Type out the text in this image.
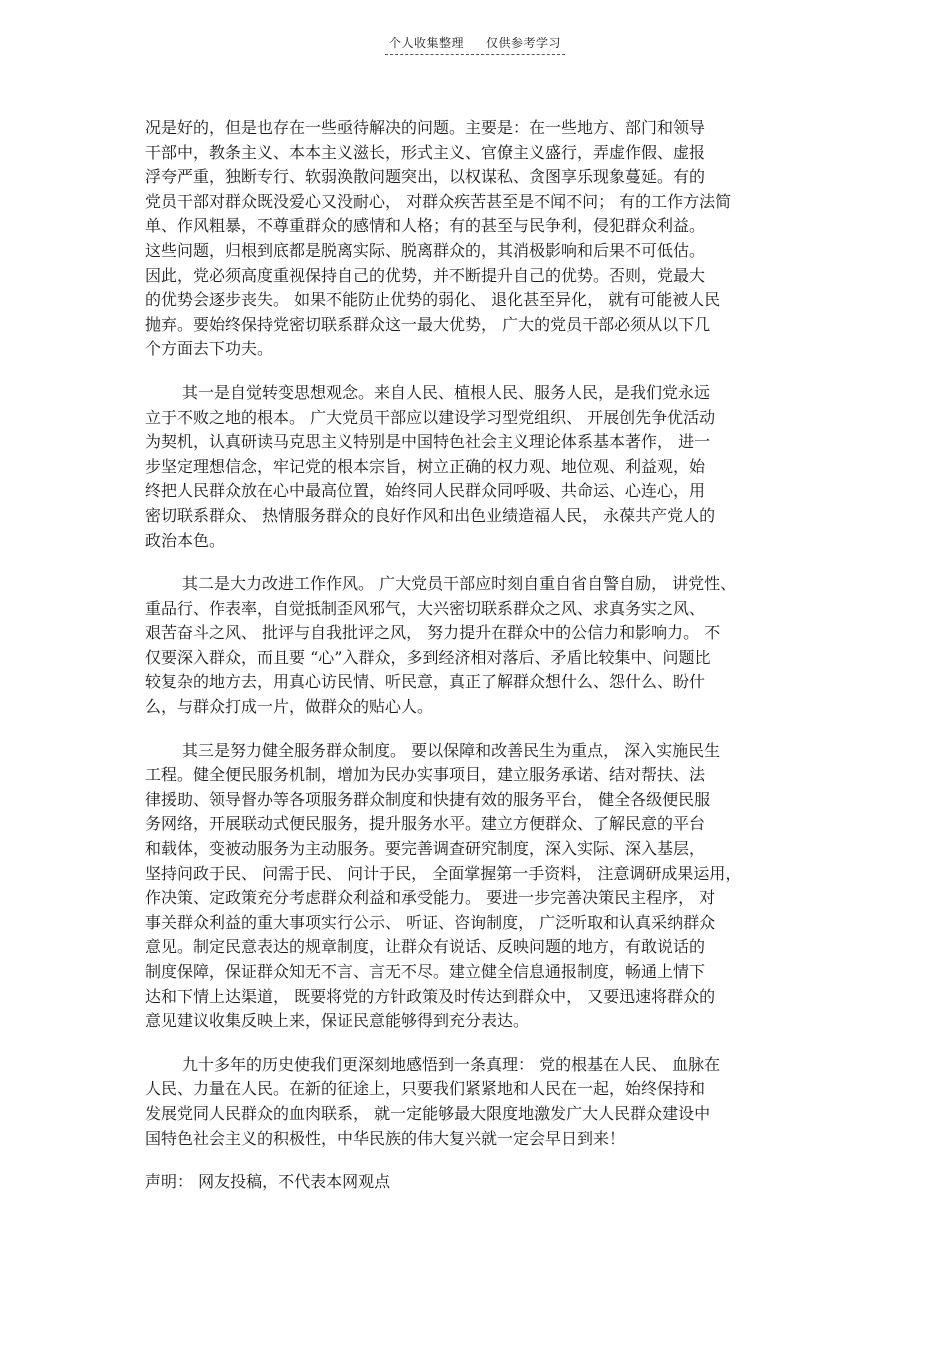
个人收集整理 仅供参考学习
况是好的，但是也存在一些亟待解决的问题。主要是：在一些地方、部门和领导
干部中，教条主义、本本主义滋长，形式主义、官僚主义盛行，弄虚作假、虚报
浮夸严重，独断专行、软弱涣散问题突出，以权谋私、贪图享乐现象蔓延。有的
党员干部对群众既没爱心又没耐心， 对群众疾苦甚至是不闻不问； 有的工作方法简
单、作风粗暴，不尊重群众的感情和人格；有的甚至与民争利，侵犯群众利益。
这些问题，归根到底都是脱离实际、脱离群众的，其消极影响和后果不可低估。
因此，党必须高度重视保持自己的优势，并不断提升自己的优势。否则，党最大
的优势会逐步丧失。 如果不能防止优势的弱化、 退化甚至异化， 就有可能被人民
抛弃。要始终保持党密切联系群众这一最大优势， 广大的党员干部必须从以下几
个方面去下功夫。
其一是自觉转变思想观念。来自人民、植根人民、服务人民，是我们党永远
立于不败之地的根本。 广大党员干部应以建设学习型党组织、 开展创先争优活动
为契机，认真研读马克思主义特别是中国特色社会主义理论体系基本著作， 进一
步坚定理想信念，牢记党的根本宗旨，树立正确的权力观、地位观、利益观，始
终把人民群众放在心中最高位置，始终同人民群众同呼吸、共命运、心连心，用
密切联系群众、 热情服务群众的良好作风和出色业绩造福人民， 永葆共产党人的
政治本色。
其二是大力改进工作作风。 广大党员干部应时刻自重自省自警自励， 讲党性、
重品行、作表率，自觉抵制歪风邪气，大兴密切联系群众之风、求真务实之风、
艰苦奋斗之风、 批评与自我批评之风， 努力提升在群众中的公信力和影响力。 不
仅要深入群众，而且要 “心”入群众，多到经济相对落后、矛盾比较集中、问题比
较复杂的地方去，用真心访民情、听民意，真正了解群众想什么、怨什么、盼什
么，与群众打成一片，做群众的贴心人。
其三是努力健全服务群众制度。 要以保障和改善民生为重点， 深入实施民生
工程。健全便民服务机制，增加为民办实事项目，建立服务承诺、结对帮扶、法
律援助、领导督办等各项服务群众制度和快捷有效的服务平台， 健全各级便民服
务网络，开展联动式便民服务，提升服务水平。建立方便群众、了解民意的平台
和载体，变被动服务为主动服务。要完善调查研究制度，深入实际、深入基层，
坚持问政于民、 问需于民、 问计于民， 全面掌握第一手资料， 注意调研成果运用，
作决策、定政策充分考虑群众利益和承受能力。 要进一步完善决策民主程序， 对
事关群众利益的重大事项实行公示、 听证、咨询制度， 广泛听取和认真采纳群众
意见。制定民意表达的规章制度，让群众有说话、反映问题的地方，有敢说话的
制度保障，保证群众知无不言、言无不尽。建立健全信息通报制度，畅通上情下
达和下情上达渠道， 既要将党的方针政策及时传达到群众中， 又要迅速将群众的
意见建议收集反映上来，保证民意能够得到充分表达。
九十多年的历史使我们更深刻地感悟到一条真理： 党的根基在人民、 血脉在
人民、力量在人民。在新的征途上，只要我们紧紧地和人民在一起，始终保持和
发展党同人民群众的血肉联系， 就一定能够最大限度地激发广大人民群众建设中
国特色社会主义的积极性，中华民族的伟大复兴就一定会早日到来！
声明： 网友投稿，不代表本网观点
